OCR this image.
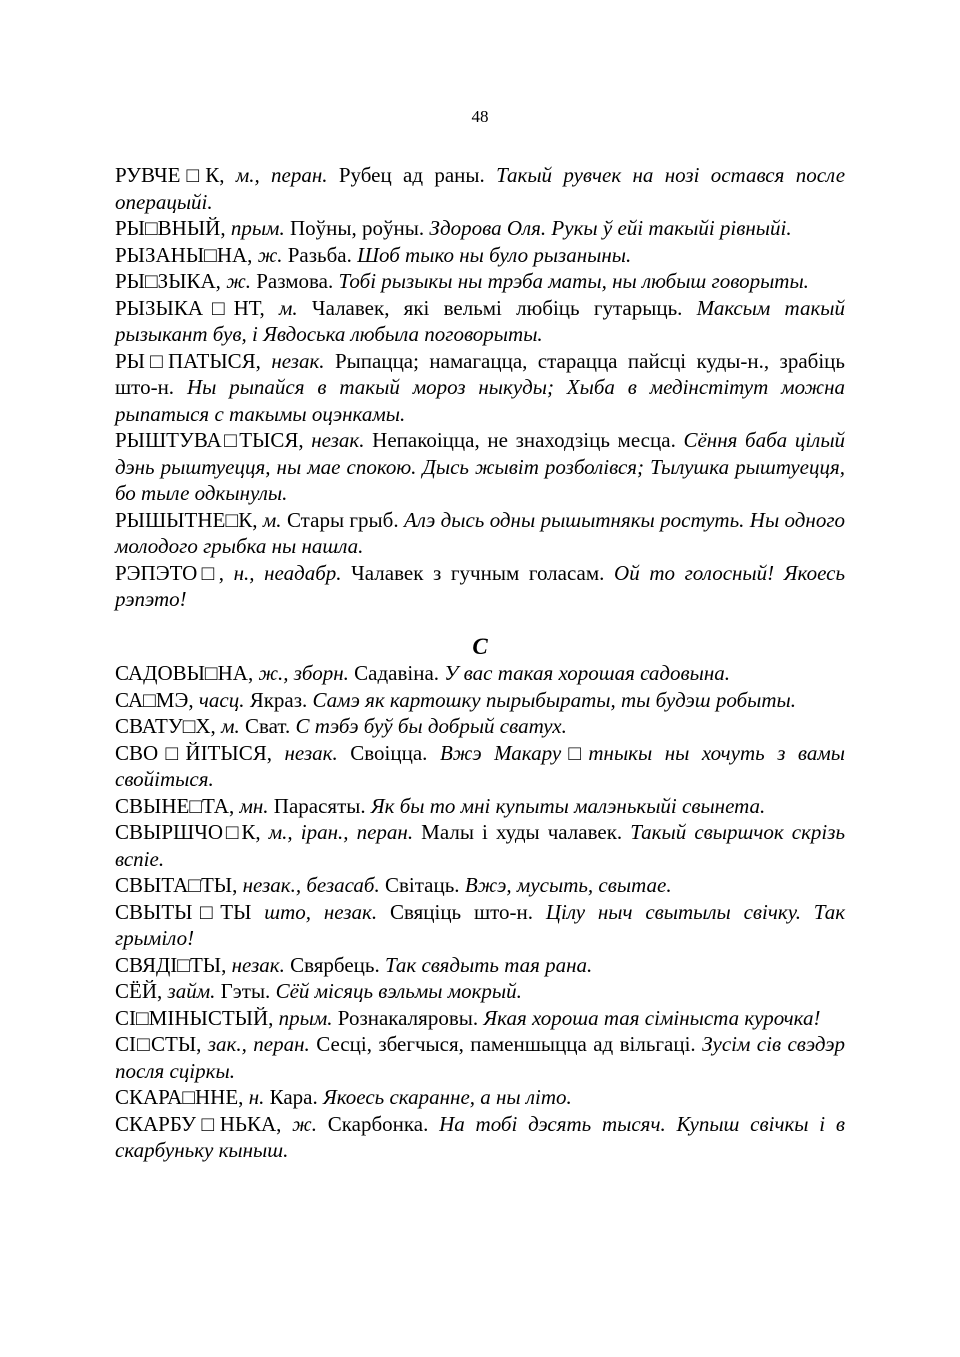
48

РУВЧЕ□К, м., перан. Рубец ад раны. Такый рувчек на нозі остався после операцыйі.

РЫ□ВНЫЙ, прым. Поўны, роўны. Здорова Оля. Рукы ў ейі такыйі рівныйі.

РЫЗАНЫ□НА, ж. Разьба. Шоб тыко ны було рызаныны.

РЫ□ЗЫКА, ж. Размова. Тобі рызыкы ны трэба маты, ны любыш говорыты.

РЫЗЫКА□НТ, м. Чалавек, які вельмі любіць гутарыць. Максым такый рызыкант був, і Явдоська любыла поговорыты.

РЫ□ПАТЫСЯ, незак. Рыпацца; намагацца, старацца пайсці куды-н., зрабіць што-н. Ны рыпайся в такый мороз ныкуды; Хыба в медінстітут можна рыпатыся с такымы оцэнкамы.

РЫШТУВА□ТЫСЯ, незак. Непакоіцца, не знаходзіць месца. Сёння баба цілый дэнь рыштуецця, ны мае спокою. Дысь жывіт розболівся; Тылушка рыштуецця, бо тыле одкынулы.

РЫШЫТНЕ□К, м. Стары грыб. Алэ дысь одны рышытнякы ростуть. Ны одного молодого грыбка ны нашла.

РЭПЭТО□, н., неадабр. Чалавек з гучным голасам. Ой то голосный! Якоесь рэпэто!

С

САДОВЫ□НА, ж., зборн. Садавіна. У вас такая хорошая садовына.

СА□МЭ, часц. Якраз. Самэ як картошку пырыбыраты, ты будэш робыты.

СВАТУ□Х, м. Сват. С тэбэ буў бы добрый сватух.

СВО□ЙІТЫСЯ, незак. Своіцца. Вжэ Макару□тныкы ны хочуть з вамы свойітыся.

СВЫНЕ□ТА, мн. Парасяты. Як бы то мні купыты малэнькыйі свынета.

СВЫРШЧО□К, м., іран., перан. Малы і худы чалавек. Такый свыршчок скрізь вспіе.

СВЫТА□ТЫ, незак., безасаб. Світаць. Вжэ, мусыть, свытае.

СВЫТЫ□ТЫ што, незак. Свяціць што-н. Цілу ныч свытылы свічку. Так грыміло!

СВЯДІ□ТЫ, незак. Свярбець. Так свядыть тая рана.

СЁЙ, займ. Гэты. Сёй місяць вэльмы мокрый.

СІ□МІНЫСТЫЙ, прым. Рознакаляровы. Якая хороша тая сіміныста курочка!

СІ□СТЫ, зак., перан. Сесці, збегчыся, паменшыцца ад вільгаці. Зусім сів свэдэр посля сціркы.

СКАРА□ННЕ, н. Кара. Якоесь скаранне, а ны літо.

СКАРБУ□НЬКА, ж. Скарбонка. На тобі дэсять тысяч. Купыш свічкы і в скарбуньку кыныш.
